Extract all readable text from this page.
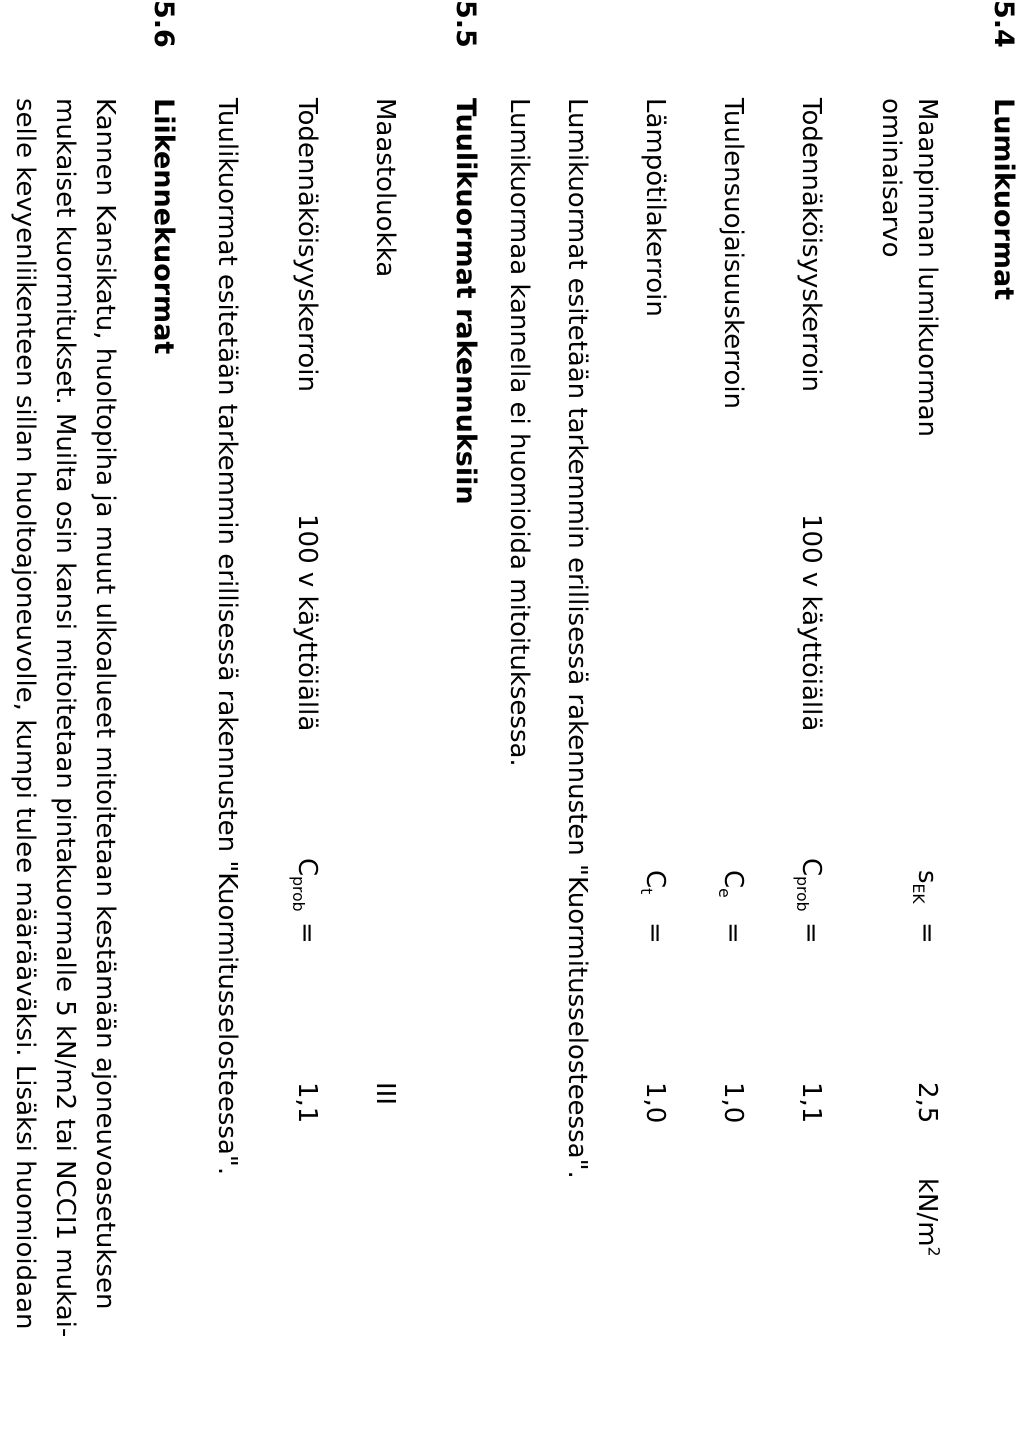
5.4
Lumikuormat
Maanpinnan lumikuorman
ominaisarvo
$s_{EK}$
=
2,5
$kN/m^2$
Todennäköisyyskerroin
100 v käyttöiällä
$C_{prob}$
=
1,1
Tuulensuojaisuuskerroin
$C_e$
=
1,0
Lämpötilakerroin
$C_t$
=
1,0
Lumikuormat esitetään tarkemmin erillisessä rakennusten "Kuormitusselosteessa".
Lumikuormaa kannella ei huomioida mitoituksessa.
5.5
Tuulikuormat rakennuksiin
Maastoluokka
III
Todennäköisyyskerroin
100 v käyttöiällä
$C_{prob}$
=
1,1
Tuulikuormat esitetään tarkemmin erillisessä rakennusten "Kuormitusselosteessa".
5.6
Liikennekuormat
Kannen Kansikatu, huoltopiha ja muut ulkoalueet mitoitetaan kestämään ajoneuvoasetuksen
mukaiset kuormitukset. Muilta osin kansi mitoitetaan pintakuormalle 5 kN/m2 tai NCCI1 mukai-
selle kevyenliikenteen sillan huoltoajoneuvolle, kumpi tulee määrääväksi. Lisäksi huomioidaan
